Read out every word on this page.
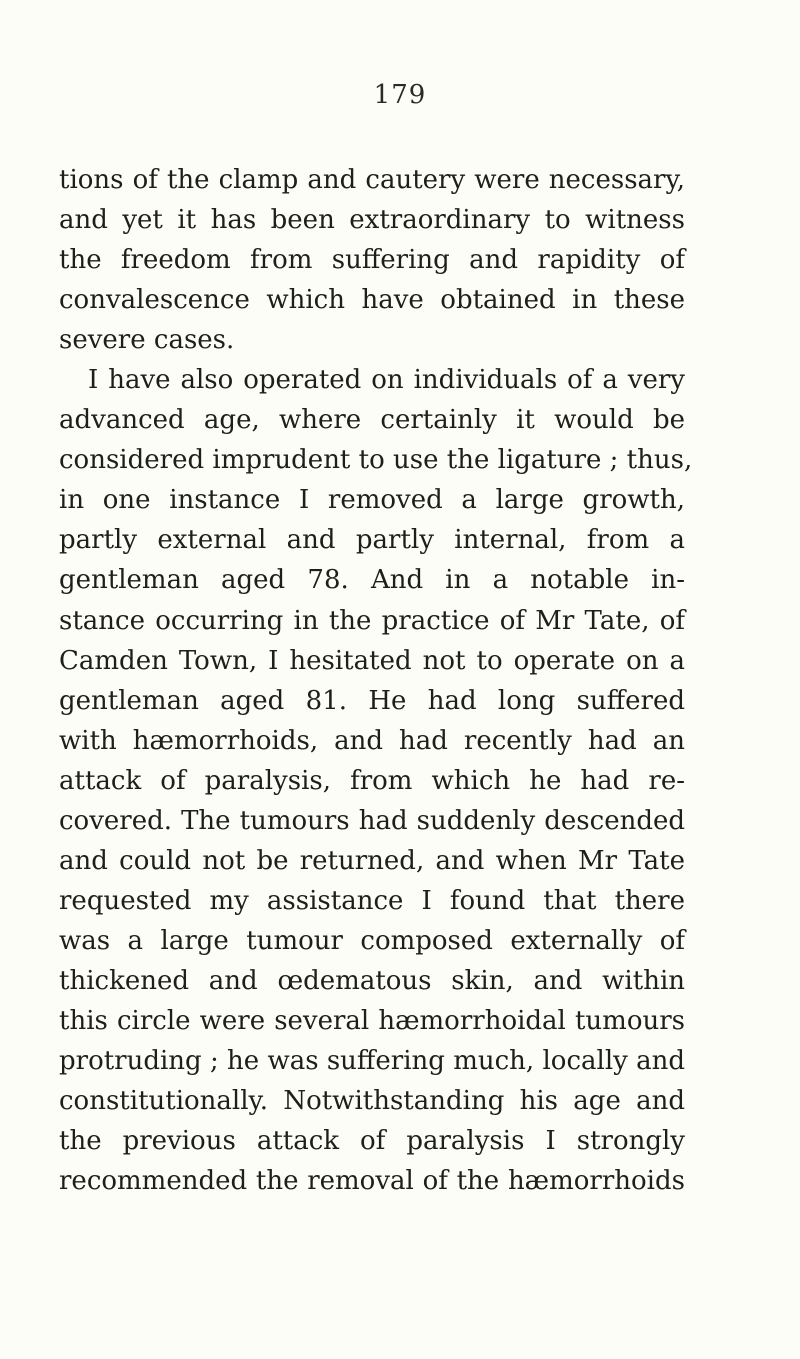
179
tions of the clamp and cautery were necessary,
and yet it has been extraordinary to witness
the freedom from suffering and rapidity of
convalescence which have obtained in these
severe cases.
I have also operated on individuals of a very
advanced age, where certainly it would be
considered imprudent to use the ligature ; thus,
in one instance I removed a large growth,
partly external and partly internal, from a
gentleman aged 78. And in a notable in-
stance occurring in the practice of Mr Tate, of
Camden Town, I hesitated not to operate on a
gentleman aged 81. He had long suffered
with hæmorrhoids, and had recently had an
attack of paralysis, from which he had re-
covered. The tumours had suddenly descended
and could not be returned, and when Mr Tate
requested my assistance I found that there
was a large tumour composed externally of
thickened and œdematous skin, and within
this circle were several hæmorrhoidal tumours
protruding ; he was suffering much, locally and
constitutionally. Notwithstanding his age and
the previous attack of paralysis I strongly
recommended the removal of the hæmorrhoids
